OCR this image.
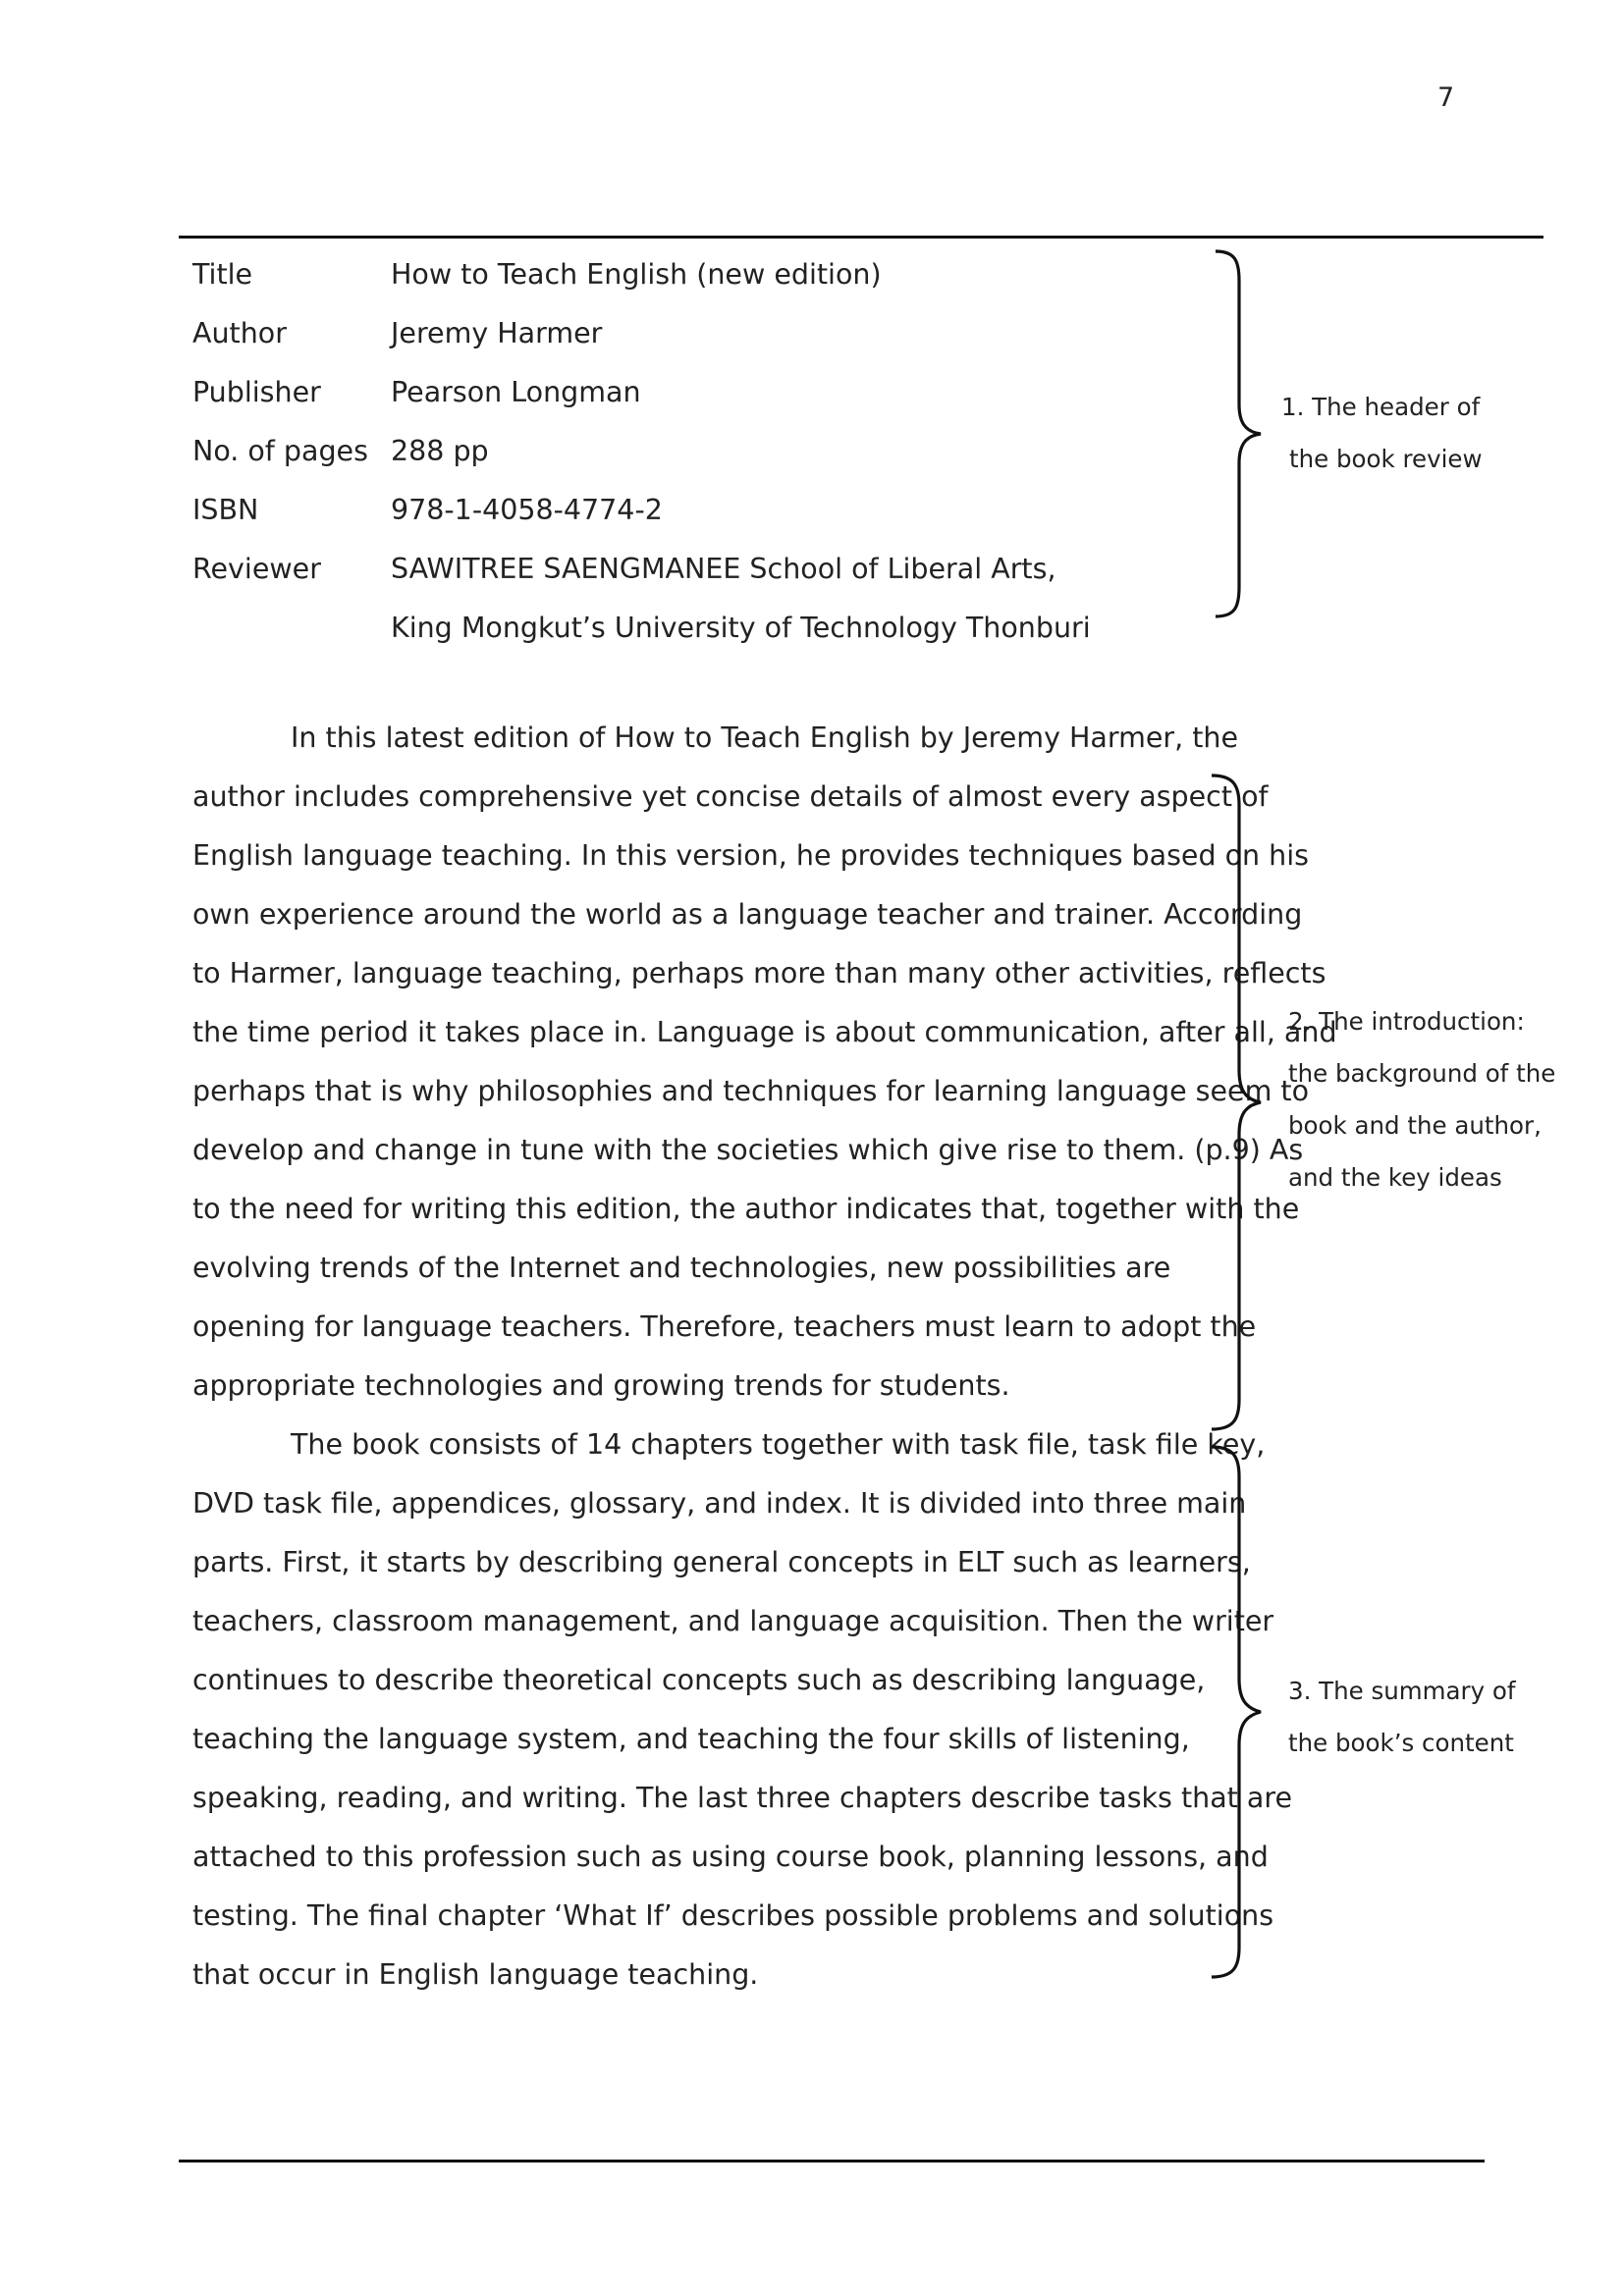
7
Title	How to Teach English (new edition)
Author	Jeremy Harmer
Publisher Pearson Longman
No. of pages 288 pp
ISBN	978-1-4058-4774-2
Reviewer SAWITREE SAENGMANEE School of Liberal Arts,
King Mongkut’s University of Technology Thonburi
In this latest edition of How to Teach English by Jeremy Harmer, the
author includes comprehensive yet concise details of almost every aspect of
English language teaching. In this version, he provides techniques based on his
own experience around the world as a language teacher and trainer. According
to Harmer, language teaching, perhaps more than many other activities, reflects
the time period it takes place in. Language is about communication, after all, and
perhaps that is why philosophies and techniques for learning language seem to
develop and change in tune with the societies which give rise to them. (p.9) As
to the need for writing this edition, the author indicates that, together with the
evolving trends of the Internet and technologies, new possibilities are
opening for language teachers. Therefore, teachers must learn to adopt the
appropriate technologies and growing trends for students.
The book consists of 14 chapters together with task file, task file key,
DVD task file, appendices, glossary, and index. It is divided into three main
parts. First, it starts by describing general concepts in ELT such as learners,
teachers, classroom management, and language acquisition. Then the writer
continues to describe theoretical concepts such as describing language,
teaching the language system, and teaching the four skills of listening,
speaking, reading, and writing. The last three chapters describe tasks that are
attached to this profession such as using course book, planning lessons, and
testing. The final chapter ‘What If’ describes possible problems and solutions
that occur in English language teaching.
1. The header of
the book review
2. The introduction:
the background of the
book and the author,
and the key ideas
3. The summary of
the book’s content
